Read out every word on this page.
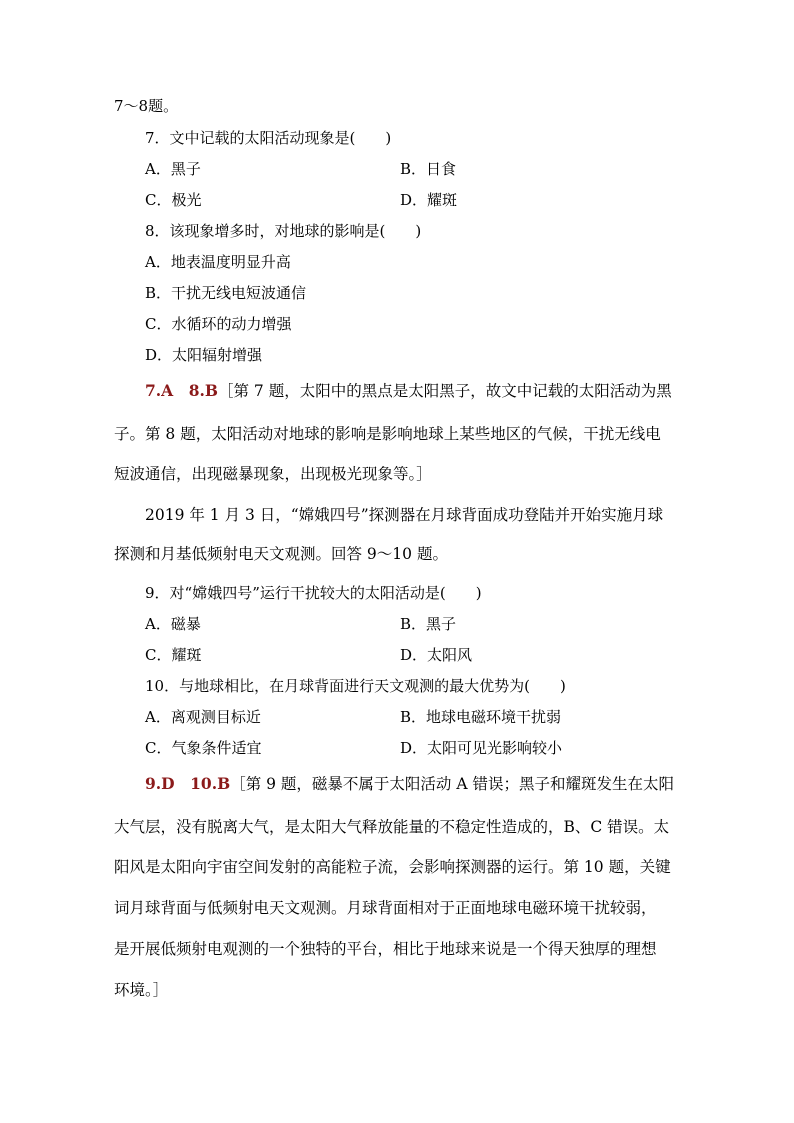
7～8题。
7．文中记载的太阳活动现象是(　　)
A．黑子	B．日食
C．极光	D．耀斑
8．该现象增多时，对地球的影响是(　　)
A．地表温度明显升高
B．干扰无线电短波通信
C．水循环的动力增强
D．太阳辐射增强
7.A　8.B［第 7 题，太阳中的黑点是太阳黑子，故文中记载的太阳活动为黑
子。第 8 题，太阳活动对地球的影响是影响地球上某些地区的气候，干扰无线电
短波通信，出现磁暴现象，出现极光现象等。］
2019 年 1 月 3 日，“嫦娥四号”探测器在月球背面成功登陆并开始实施月球
探测和月基低频射电天文观测。回答 9～10 题。
9．对“嫦娥四号”运行干扰较大的太阳活动是(　　)
A．磁暴	B．黑子
C．耀斑	D．太阳风
10．与地球相比，在月球背面进行天文观测的最大优势为(　　)
A．离观测目标近	B．地球电磁环境干扰弱
C．气象条件适宜	D．太阳可见光影响较小
9.D　10.B［第 9 题，磁暴不属于太阳活动 A 错误；黑子和耀斑发生在太阳
大气层，没有脱离大气，是太阳大气释放能量的不稳定性造成的，B、C 错误。太
阳风是太阳向宇宙空间发射的高能粒子流，会影响探测器的运行。第 10 题，关键
词月球背面与低频射电天文观测。月球背面相对于正面地球电磁环境干扰较弱，
是开展低频射电观测的一个独特的平台，相比于地球来说是一个得天独厚的理想
环境。］
